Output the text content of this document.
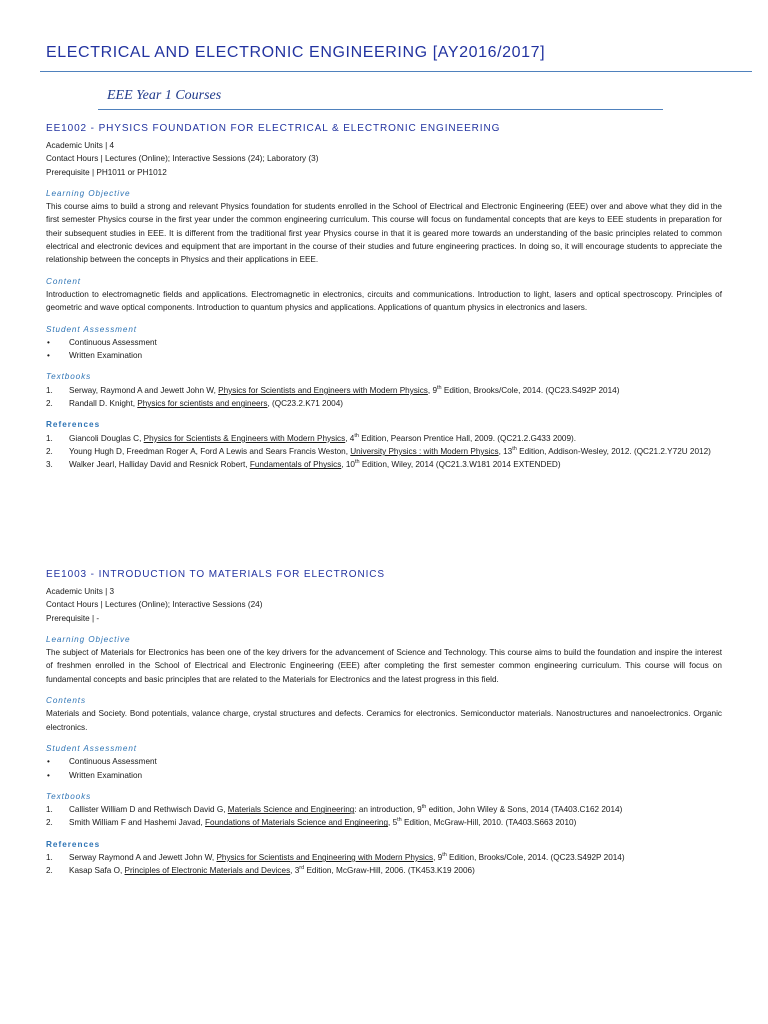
ELECTRICAL AND ELECTRONIC ENGINEERING [AY2016/2017]
EEE Year 1 Courses
EE1002 - PHYSICS FOUNDATION FOR ELECTRICAL & ELECTRONIC ENGINEERING

Academic Units | 4

Contact Hours | Lectures (Online); Interactive Sessions (24); Laboratory (3)

Prerequisite | PH1011 or PH1012

Learning Objective

This course aims to build a strong and relevant Physics foundation for students enrolled in the School of Electrical and Electronic Engineering (EEE) over and above what they did in the first semester Physics course in the first year under the common engineering curriculum. This course will focus on fundamental concepts that are keys to EEE students in preparation for their subsequent studies in EEE. It is different from the traditional first year Physics course in that it is geared more towards an understanding of the basic principles related to common electrical and electronic devices and equipment that are important in the course of their studies and future engineering practices. In doing so, it will encourage students to appreciate the relationship between the concepts in Physics and their applications in EEE.

Content

Introduction to electromagnetic fields and applications. Electromagnetic in electronics, circuits and communications. Introduction to light, lasers and optical spectroscopy. Principles of geometric and wave optical components. Introduction to quantum physics and applications. Applications of quantum physics in electronics and lasers.

Student Assessment
• Continuous Assessment
• Written Examination
Textbooks
1. Serway, Raymond A and Jewett John W, Physics for Scientists and Engineers with Modern Physics, 9th Edition, Brooks/Cole, 2014. (QC23.S492P 2014)
2. Randall D. Knight, Physics for scientists and engineers, (QC23.2.K71 2004)
References
1. Giancoli Douglas C, Physics for Scientists & Engineers with Modern Physics, 4th Edition, Pearson Prentice Hall, 2009. (QC21.2.G433 2009).
2. Young Hugh D, Freedman Roger A, Ford A Lewis and Sears Francis Weston, University Physics : with Modern Physics, 13th Edition, Addison-Wesley, 2012. (QC21.2.Y72U 2012)
3. Walker Jearl, Halliday David and Resnick Robert, Fundamentals of Physics, 10th Edition, Wiley, 2014 (QC21.3.W181 2014 EXTENDED)
EE1003 - INTRODUCTION TO MATERIALS FOR ELECTRONICS

Academic Units | 3

Contact Hours | Lectures (Online); Interactive Sessions (24)

Prerequisite | -

Learning Objective

The subject of Materials for Electronics has been one of the key drivers for the advancement of Science and Technology. This course aims to build the foundation and inspire the interest of freshmen enrolled in the School of Electrical and Electronic Engineering (EEE) after completing the first semester common engineering curriculum. This course will focus on fundamental concepts and basic principles that are related to the Materials for Electronics and the latest progress in this field.

Contents

Materials and Society. Bond potentials, valance charge, crystal structures and defects. Ceramics for electronics. Semiconductor materials. Nanostructures and nanoelectronics. Organic electronics.

Student Assessment
• Continuous Assessment
• Written Examination
Textbooks
1. Callister William D and Rethwisch David G, Materials Science and Engineering: an introduction, 9th edition, John Wiley & Sons, 2014 (TA403.C162 2014)
2. Smith William F and Hashemi Javad, Foundations of Materials Science and Engineering, 5th Edition, McGraw-Hill, 2010. (TA403.S663 2010)
References
1. Serway Raymond A and Jewett John W, Physics for Scientists and Engineering with Modern Physics, 9th Edition, Brooks/Cole, 2014. (QC23.S492P 2014)
2. Kasap Safa O, Principles of Electronic Materials and Devices, 3rd Edition, McGraw-Hill, 2006. (TK453.K19 2006)
